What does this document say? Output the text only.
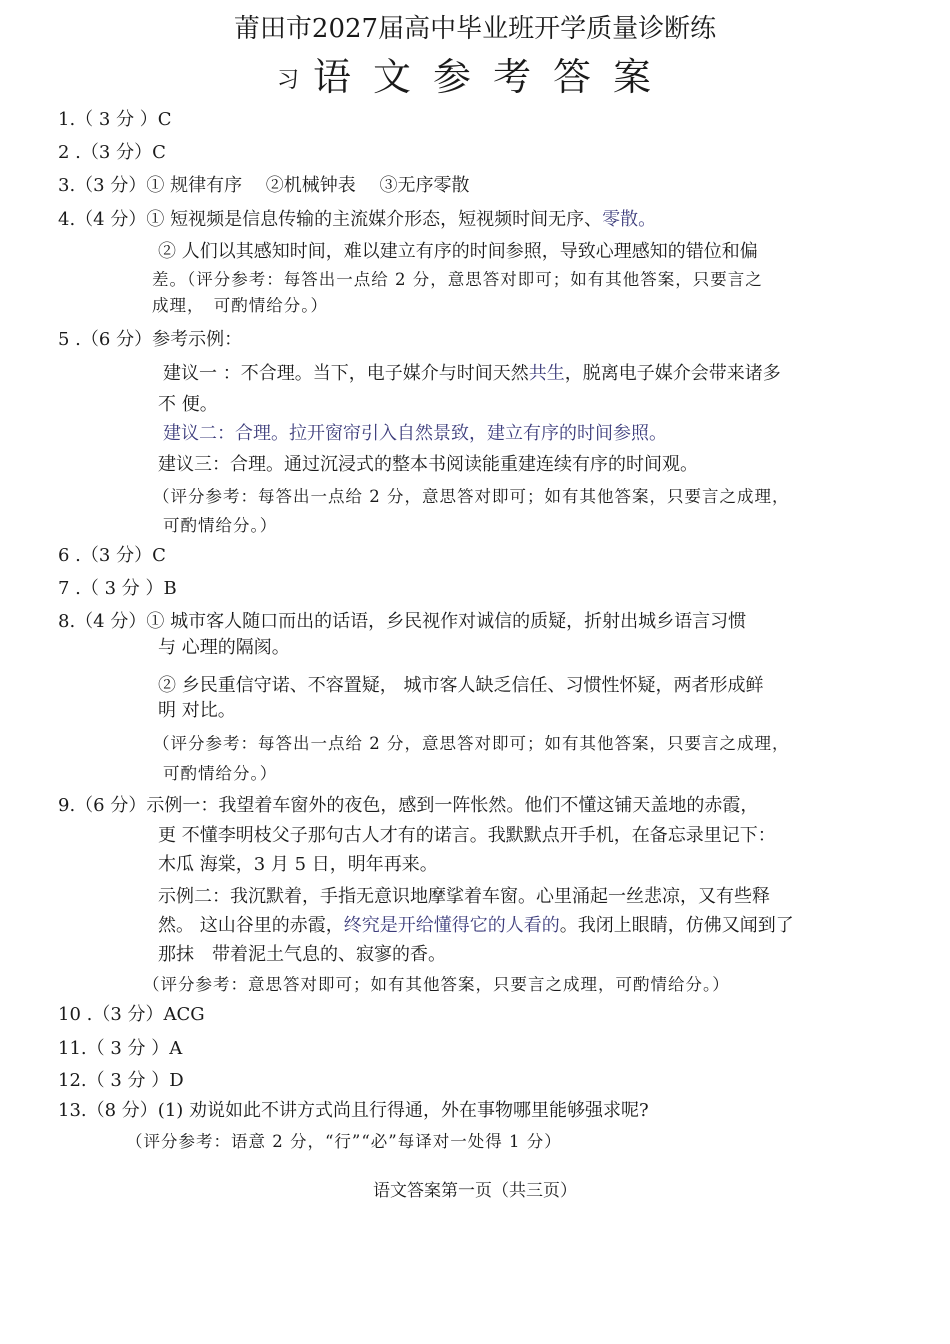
莆田市2027届高中毕业班开学质量诊断练
习 语文参考答案
1.（ 3 分 ）C
2 .（3 分）C
3.（3 分）① 规律有序　 ②机械钟表　 ③无序零散
4.（4 分）① 短视频是信息传输的主流媒介形态，短视频时间无序、零散。
② 人们以其感知时间，难以建立有序的时间参照，导致心理感知的错位和偏
差。（评分参考：每答出一点给 2 分，意思答对即可；如有其他答案，只要言之
成理，　可酌情给分。）
5 .（6 分）参考示例：
建议一 ：不合理。当下，电子媒介与时间天然共生，脱离电子媒介会带来诸多
不 便。
建议二：合理。拉开窗帘引入自然景致，建立有序的时间参照。
建议三：合理。通过沉浸式的整本书阅读能重建连续有序的时间观。
（评分参考：每答出一点给 2 分，意思答对即可；如有其他答案，只要言之成理，
可酌情给分。）
6 .（3 分）C
7 .（ 3 分 ）B
8.（4 分）① 城市客人随口而出的话语，乡民视作对诚信的质疑，折射出城乡语言习惯
与 心理的隔阂。
② 乡民重信守诺、不容置疑， 城市客人缺乏信任、习惯性怀疑，两者形成鲜
明 对比。
（评分参考：每答出一点给 2 分，意思答对即可；如有其他答案，只要言之成理，
可酌情给分。）
9.（6 分）示例一：我望着车窗外的夜色，感到一阵怅然。他们不懂这铺天盖地的赤霞，
更 不懂李明枝父子那句古人才有的诺言。我默默点开手机，在备忘录里记下：
木瓜 海棠，3 月 5 日，明年再来。
示例二：我沉默着，手指无意识地摩挲着车窗。心里涌起一丝悲凉，又有些释
然。 这山谷里的赤霞，终究是开给懂得它的人看的。我闭上眼睛，仿佛又闻到了
那抹　带着泥土气息的、寂寥的香。
（评分参考：意思答对即可；如有其他答案，只要言之成理，可酌情给分。）
10 .（3 分）ACG
11.（ 3 分 ）A
12.（ 3 分 ）D
13.（8 分）(1) 劝说如此不讲方式尚且行得通，外在事物哪里能够强求呢?
（评分参考：语意 2 分，“行”“必”每译对一处得 1 分）
语文答案第一页（共三页）
